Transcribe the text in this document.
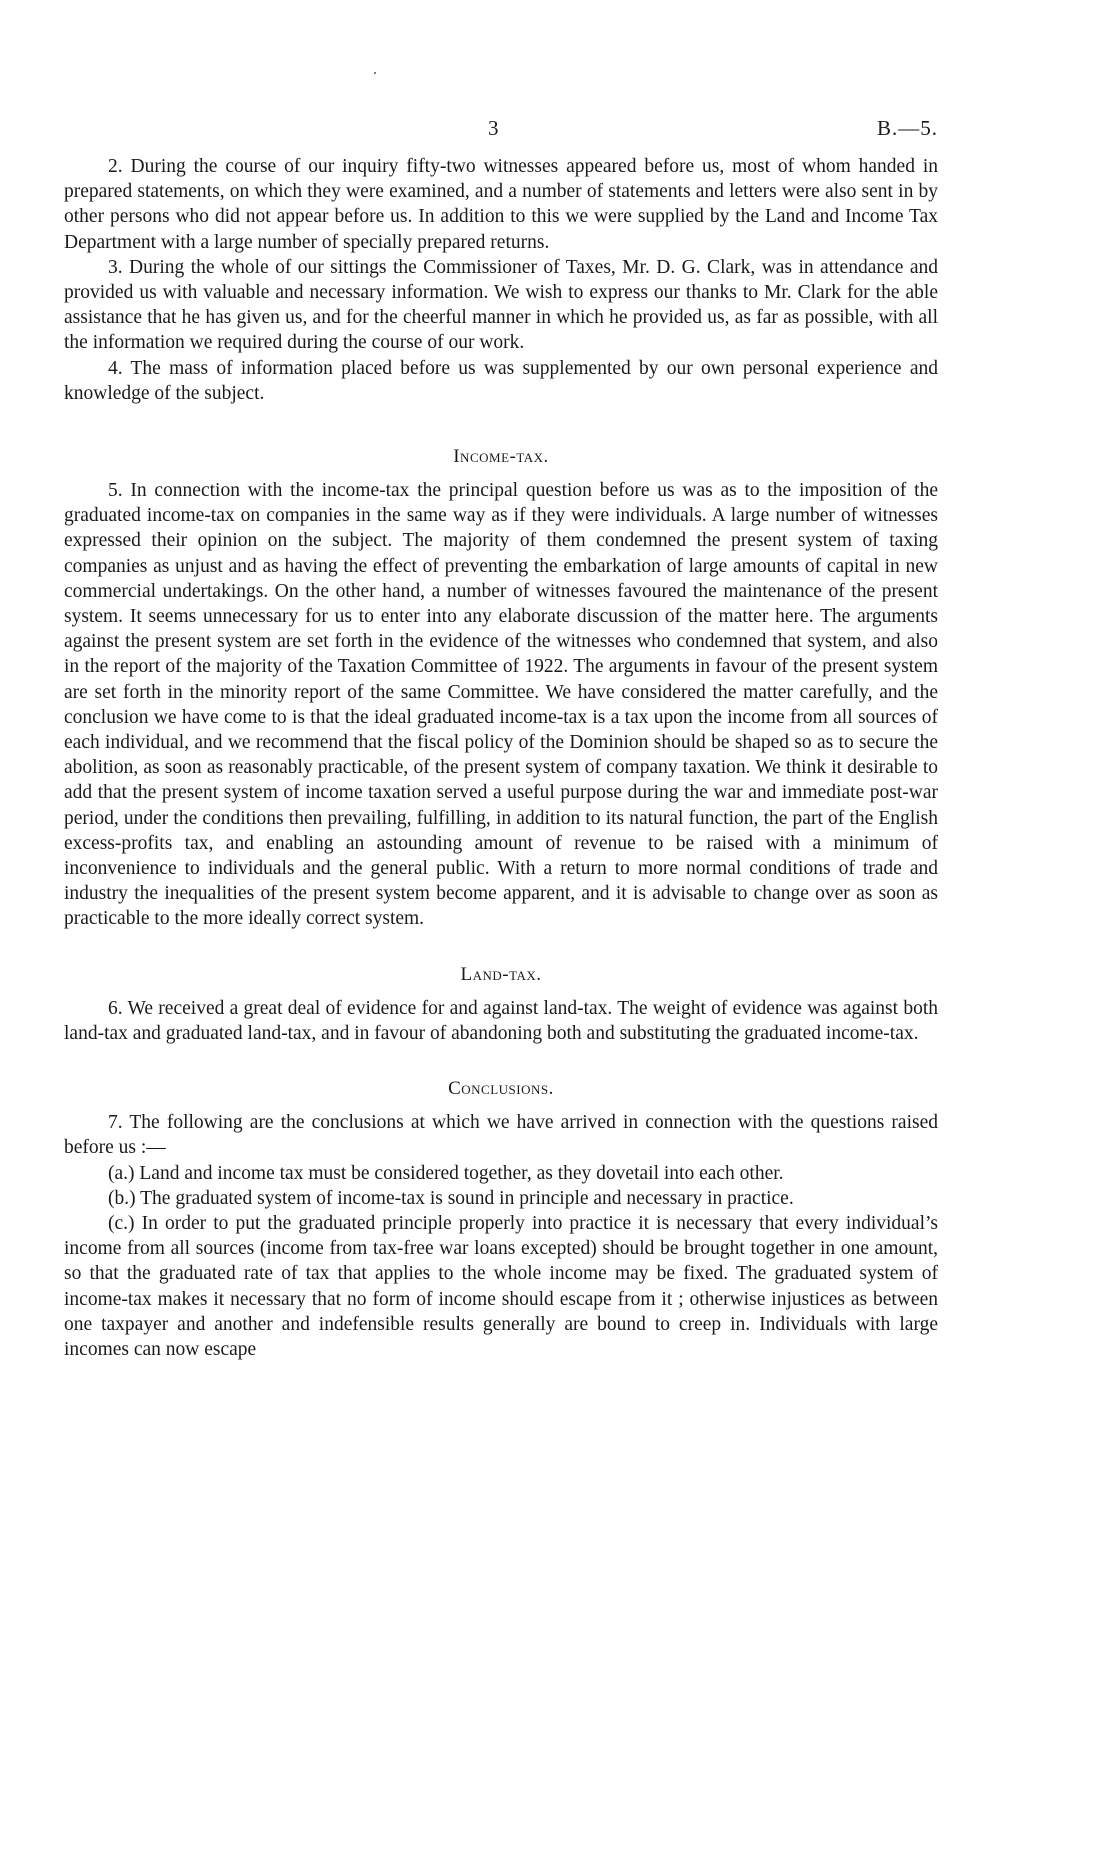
3	B.—5.

2. During the course of our inquiry fifty-two witnesses appeared before us, most of whom handed in prepared statements, on which they were examined, and a number of statements and letters were also sent in by other persons who did not appear before us. In addition to this we were supplied by the Land and Income Tax Department with a large number of specially prepared returns.

3. During the whole of our sittings the Commissioner of Taxes, Mr. D. G. Clark, was in attendance and provided us with valuable and necessary information. We wish to express our thanks to Mr. Clark for the able assistance that he has given us, and for the cheerful manner in which he provided us, as far as possible, with all the information we required during the course of our work.

4. The mass of information placed before us was supplemented by our own personal experience and knowledge of the subject.

Income-tax.

5. In connection with the income-tax the principal question before us was as to the imposition of the graduated income-tax on companies in the same way as if they were individuals. A large number of witnesses expressed their opinion on the subject. The majority of them condemned the present system of taxing companies as unjust and as having the effect of preventing the embarkation of large amounts of capital in new commercial undertakings. On the other hand, a number of witnesses favoured the maintenance of the present system. It seems unnecessary for us to enter into any elaborate discussion of the matter here. The arguments against the present system are set forth in the evidence of the witnesses who condemned that system, and also in the report of the majority of the Taxation Committee of 1922. The arguments in favour of the present system are set forth in the minority report of the same Committee. We have considered the matter carefully, and the conclusion we have come to is that the ideal graduated income-tax is a tax upon the income from all sources of each individual, and we recommend that the fiscal policy of the Dominion should be shaped so as to secure the abolition, as soon as reasonably practicable, of the present system of company taxation. We think it desirable to add that the present system of income taxation served a useful purpose during the war and immediate post-war period, under the conditions then prevailing, fulfilling, in addition to its natural function, the part of the English excess-profits tax, and enabling an astounding amount of revenue to be raised with a minimum of inconvenience to individuals and the general public. With a return to more normal conditions of trade and industry the inequalities of the present system become apparent, and it is advisable to change over as soon as practicable to the more ideally correct system.

Land-tax.

6. We received a great deal of evidence for and against land-tax. The weight of evidence was against both land-tax and graduated land-tax, and in favour of abandoning both and substituting the graduated income-tax.

Conclusions.

7. The following are the conclusions at which we have arrived in connection with the questions raised before us :—

(a.) Land and income tax must be considered together, as they dovetail into each other.

(b.) The graduated system of income-tax is sound in principle and necessary in practice.

(c.) In order to put the graduated principle properly into practice it is necessary that every individual’s income from all sources (income from tax-free war loans excepted) should be brought together in one amount, so that the graduated rate of tax that applies to the whole income may be fixed. The graduated system of income-tax makes it necessary that no form of income should escape from it ; otherwise injustices as between one taxpayer and another and indefensible results generally are bound to creep in. Individuals with large incomes can now escape
